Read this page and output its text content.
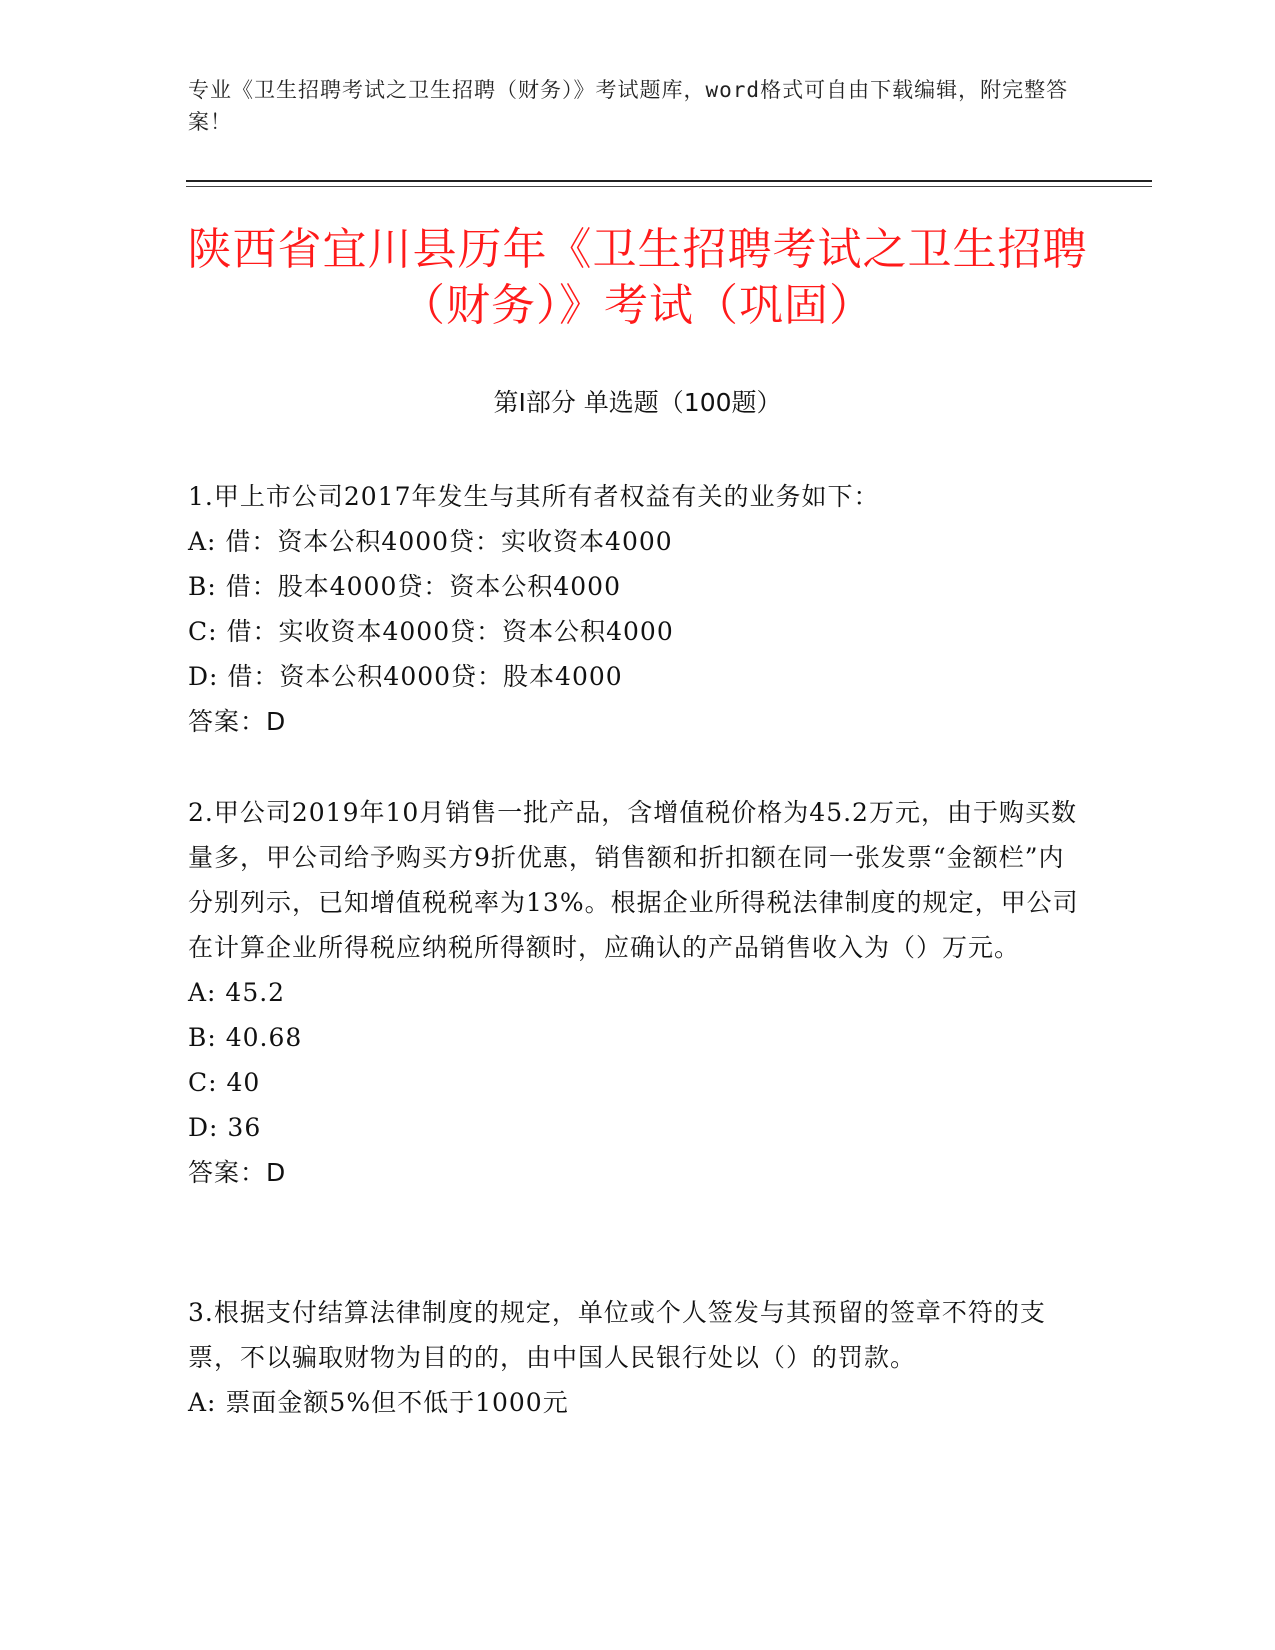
专业《卫生招聘考试之卫生招聘（财务）》考试题库，word格式可自由下载编辑，附完整答案！
陕西省宜川县历年《卫生招聘考试之卫生招聘（财务）》考试（巩固）
第I部分 单选题（100题）

1.甲上市公司2017年发生与其所有者权益有关的业务如下：

A: 借：资本公积4000贷：实收资本4000

B: 借：股本4000贷：资本公积4000

C: 借：实收资本4000贷：资本公积4000

D: 借：资本公积4000贷：股本4000

答案：D

2.甲公司2019年10月销售一批产品，含增值税价格为45.2万元，由于购买数量多，甲公司给予购买方9折优惠，销售额和折扣额在同一张发票“金额栏”内分别列示，已知增值税税率为13%。根据企业所得税法律制度的规定，甲公司在计算企业所得税应纳税所得额时，应确认的产品销售收入为（）万元。

A: 45.2

B: 40.68

C: 40

D: 36

答案：D

3.根据支付结算法律制度的规定，单位或个人签发与其预留的签章不符的支票，不以骗取财物为目的的，由中国人民银行处以（）的罚款。

A: 票面金额5%但不低于1000元
